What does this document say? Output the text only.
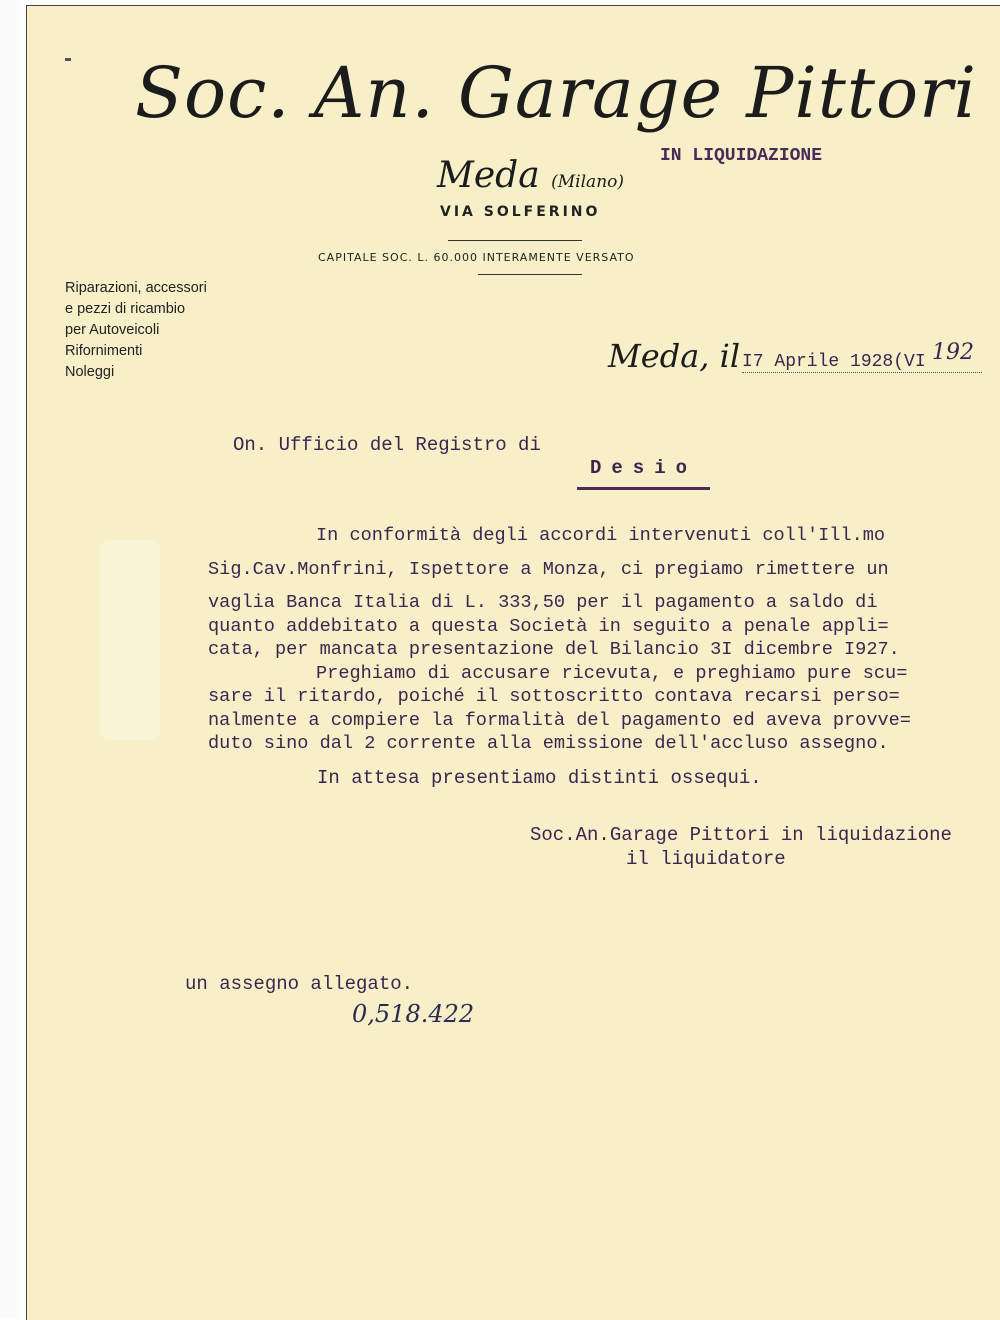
Soc. An. Garage Pittori
Meda (Milano)
IN LIQUIDAZIONE
VIA SOLFERINO
CAPITALE SOC. L. 60.000 INTERAMENTE VERSATO
Riparazioni, accessori
e pezzi di ricambio
per Autoveicoli
Rifornimenti
Noleggi	Meda, il I7 Aprile 1928(VI 192
On. Ufficio del Registro di
Desio
In conformità degli accordi intervenuti coll'Ill.mo
Sig.Cav.Monfrini, Ispettore a Monza, ci pregiamo rimettere un
vaglia Banca Italia di L. 333,50 per il pagamento a saldo di
quanto addebitato a questa Società in seguito a penale appli=
cata, per mancata presentazione del Bilancio 3I dicembre I927.
Preghiamo di accusare ricevuta, e preghiamo pure scu=
sare il ritardo, poiché il sottoscritto contava recarsi perso=
nalmente a compiere la formalità del pagamento ed aveva provve=
duto sino dal 2 corrente alla emissione dell'accluso assegno.
In attesa presentiamo distinti ossequi.
Soc.An.Garage Pittori in liquidazione
il liquidatore
un assegno allegato.
0,518.422
